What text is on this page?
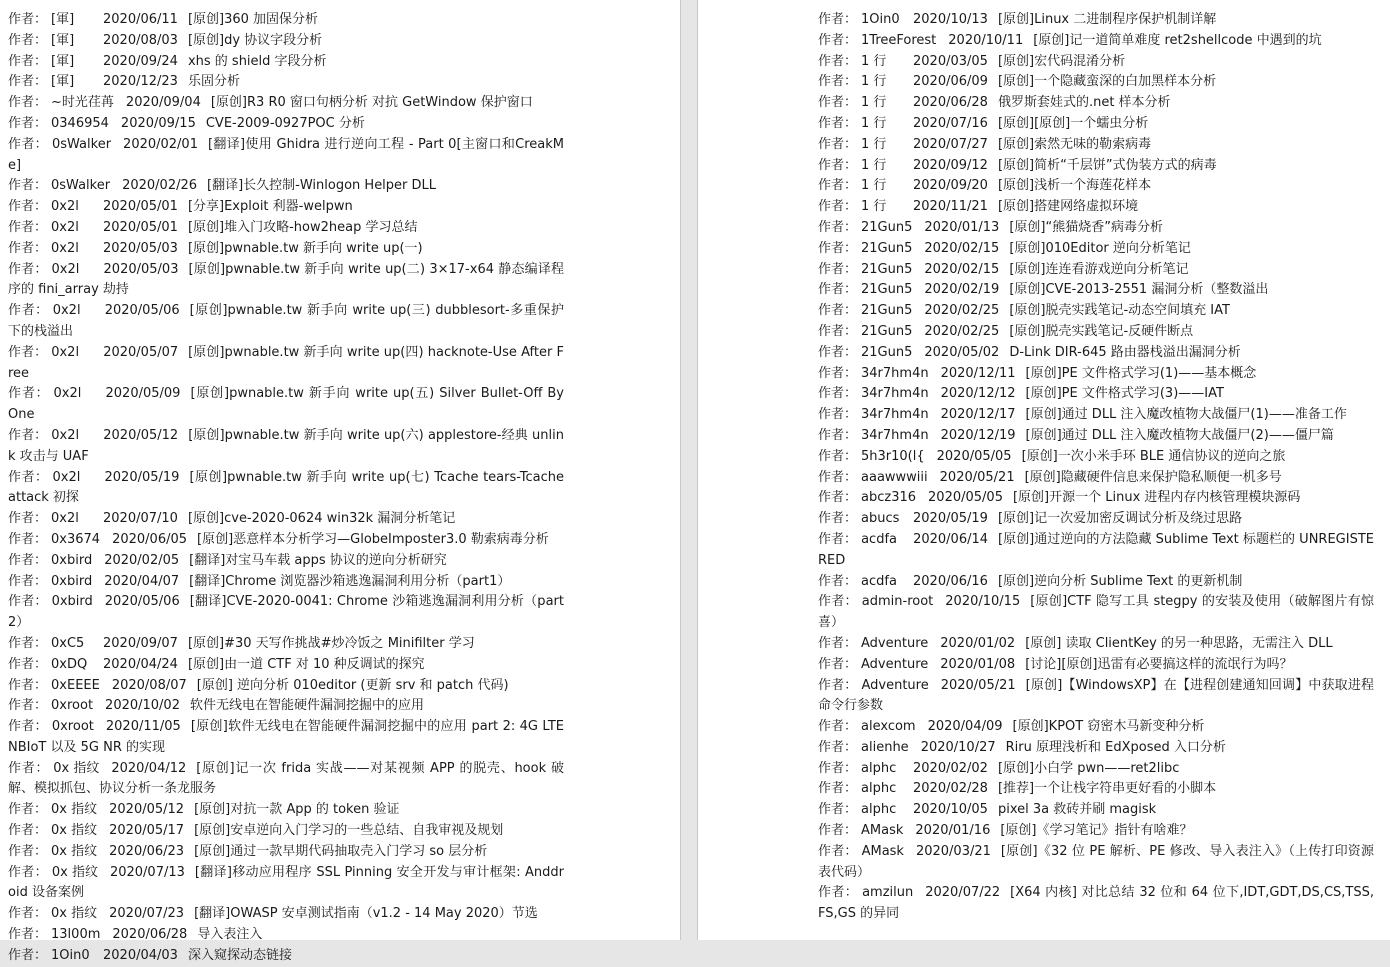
作者： [軍] 2020/06/11 [原创]360 加固保分析
作者： [軍] 2020/08/03 [原创]dy 协议字段分析
作者： [軍] 2020/09/24 xhs 的 shield 字段分析
作者： [軍] 2020/12/23 乐固分析
作者： ~时光荏苒 2020/09/04 [原创]R3 R0 窗口句柄分析 对抗 GetWindow 保护窗口
作者： 0346954 2020/09/15 CVE-2009-0927POC 分析
作者： 0sWalker 2020/02/01 [翻译]使用 Ghidra 进行逆向工程 - Part 0[主窗口和CreakMe]
作者： 0sWalker 2020/02/26 [翻译]长久控制-Winlogon Helper DLL
作者： 0x2l 2020/05/01 [分享]Exploit 利器-welpwn
作者： 0x2l 2020/05/01 [原创]堆入门攻略-how2heap 学习总结
作者： 0x2l 2020/05/03 [原创]pwnable.tw 新手向 write up(一)
作者： 0x2l 2020/05/03 [原创]pwnable.tw 新手向 write up(二) 3×17-x64 静态编译程序的 fini_array 劫持
作者： 0x2l 2020/05/06 [原创]pwnable.tw 新手向 write up(三) dubblesort-多重保护下的栈溢出
作者： 0x2l 2020/05/07 [原创]pwnable.tw 新手向 write up(四) hacknote-Use After Free
作者： 0x2l 2020/05/09 [原创]pwnable.tw 新手向 write up(五) Silver Bullet-Off By One
作者： 0x2l 2020/05/12 [原创]pwnable.tw 新手向 write up(六) applestore-经典 unlink 攻击与 UAF
作者： 0x2l 2020/05/19 [原创]pwnable.tw 新手向 write up(七) Tcache tears-Tcache attack 初探
作者： 0x2l 2020/07/10 [原创]cve-2020-0624 win32k 漏洞分析笔记
作者： 0x3674 2020/06/05 [原创]恶意样本分析学习—GlobeImposter3.0 勒索病毒分析
作者： 0xbird 2020/02/05 [翻译]对宝马车载 apps 协议的逆向分析研究
作者： 0xbird 2020/04/07 [翻译]Chrome 浏览器沙箱逃逸漏洞利用分析（part1）
作者： 0xbird 2020/05/06 [翻译]CVE-2020-0041: Chrome 沙箱逃逸漏洞利用分析（part2）
作者： 0xC5 2020/09/07 [原创]#30 天写作挑战#炒冷饭之 Minifilter 学习
作者： 0xDQ 2020/04/24 [原创]由一道 CTF 对 10 种反调试的探究
作者： 0xEEEE 2020/08/07 [原创] 逆向分析 010editor (更新 srv 和 patch 代码)
作者： 0xroot 2020/10/02 软件无线电在智能硬件漏洞挖掘中的应用
作者： 0xroot 2020/11/05 [原创]软件无线电在智能硬件漏洞挖掘中的应用 part 2: 4G LTE NBIoT 以及 5G NR 的实现
作者： 0x 指纹 2020/04/12 [原创]记一次 frida 实战——对某视频 APP 的脱壳、hook 破解、模拟抓包、协议分析一条龙服务
作者： 0x 指纹 2020/05/12 [原创]对抗一款 App 的 token 验证
作者： 0x 指纹 2020/05/17 [原创]安卓逆向入门学习的一些总结、自我审视及规划
作者： 0x 指纹 2020/06/23 [原创]通过一款早期代码抽取壳入门学习 so 层分析
作者： 0x 指纹 2020/07/13 [翻译]移动应用程序 SSL Pinning 安全开发与审计框架: Anddroid 设备案例
作者： 0x 指纹 2020/07/23 [翻译]OWASP 安卓测试指南（v1.2 - 14 May 2020）节选
作者： 13l00m 2020/06/28 导入表注入
作者： 1Oin0 2020/04/03 深入窥探动态链接
作者： 1Oin0 2020/10/13 [原创]Linux 二进制程序保护机制详解
作者： 1TreeForest 2020/10/11 [原创]记一道简单难度 ret2shellcode 中遇到的坑
作者： 1 行 2020/03/05 [原创]宏代码混淆分析
作者： 1 行 2020/06/09 [原创]一个隐藏蛮深的白加黑样本分析
作者： 1 行 2020/06/28 俄罗斯套娃式的.net 样本分析
作者： 1 行 2020/07/16 [原创][原创]一个蠕虫分析
作者： 1 行 2020/07/27 [原创]索然无味的勒索病毒
作者： 1 行 2020/09/12 [原创]简析“千层饼”式伪装方式的病毒
作者： 1 行 2020/09/20 [原创]浅析一个海莲花样本
作者： 1 行 2020/11/21 [原创]搭建网络虚拟环境
作者： 21Gun5 2020/01/13 [原创]“熊猫烧香”病毒分析
作者： 21Gun5 2020/02/15 [原创]010Editor 逆向分析笔记
作者： 21Gun5 2020/02/15 [原创]连连看游戏逆向分析笔记
作者： 21Gun5 2020/02/19 [原创]CVE-2013-2551 漏洞分析（整数溢出
作者： 21Gun5 2020/02/25 [原创]脱壳实践笔记-动态空间填充 IAT
作者： 21Gun5 2020/02/25 [原创]脱壳实践笔记-反硬件断点
作者： 21Gun5 2020/05/02 D-Link DIR-645 路由器栈溢出漏洞分析
作者： 34r7hm4n 2020/12/11 [原创]PE 文件格式学习(1)——基本概念
作者： 34r7hm4n 2020/12/12 [原创]PE 文件格式学习(3)——IAT
作者： 34r7hm4n 2020/12/17 [原创]通过 DLL 注入魔改植物大战僵尸(1)——准备工作
作者： 34r7hm4n 2020/12/19 [原创]通过 DLL 注入魔改植物大战僵尸(2)——僵尸篇
作者： 5h3r10(l{ 2020/05/05 [原创]一次小米手环 BLE 通信协议的逆向之旅
作者： aaawwwiii 2020/05/21 [原创]隐藏硬件信息来保护隐私顺便一机多号
作者： abcz316 2020/05/05 [原创]开源一个 Linux 进程内存内核管理模块源码
作者： abucs 2020/05/19 [原创]记一次爱加密反调试分析及绕过思路
作者： acdfa 2020/06/14 [原创]通过逆向的方法隐藏 Sublime Text 标题栏的 UNREGISTERED
作者： acdfa 2020/06/16 [原创]逆向分析 Sublime Text 的更新机制
作者： admin-root 2020/10/15 [原创]CTF 隐写工具 stegpy 的安装及使用（破解图片有惊喜）
作者： Adventure 2020/01/02 [原创] 读取 ClientKey 的另一种思路，无需注入 DLL
作者： Adventure 2020/01/08 [讨论][原创]迅雷有必要搞这样的流氓行为吗？
作者： Adventure 2020/05/21 [原创]【WindowsXP】在【进程创建通知回调】中获取进程命令行参数
作者： alexcom 2020/04/09 [原创]KPOT 窃密木马新变种分析
作者： alienhe 2020/10/27 Riru 原理浅析和 EdXposed 入口分析
作者： alphc 2020/02/02 [原创]小白学 pwn——ret2libc
作者： alphc 2020/02/28 [推荐]一个让栈字符串更好看的小脚本
作者： alphc 2020/10/05 pixel 3a 救砖并刷 magisk
作者： AMask 2020/01/16 [原创]《学习笔记》指针有啥难？
作者： AMask 2020/03/21 [原创]《32 位 PE 解析、PE 修改、导入表注入》（上传打印资源表代码）
作者： amzilun 2020/07/22 [X64 内核] 对比总结 32 位和 64 位下,IDT,GDT,DS,CS,TSS,FS,GS 的异同
